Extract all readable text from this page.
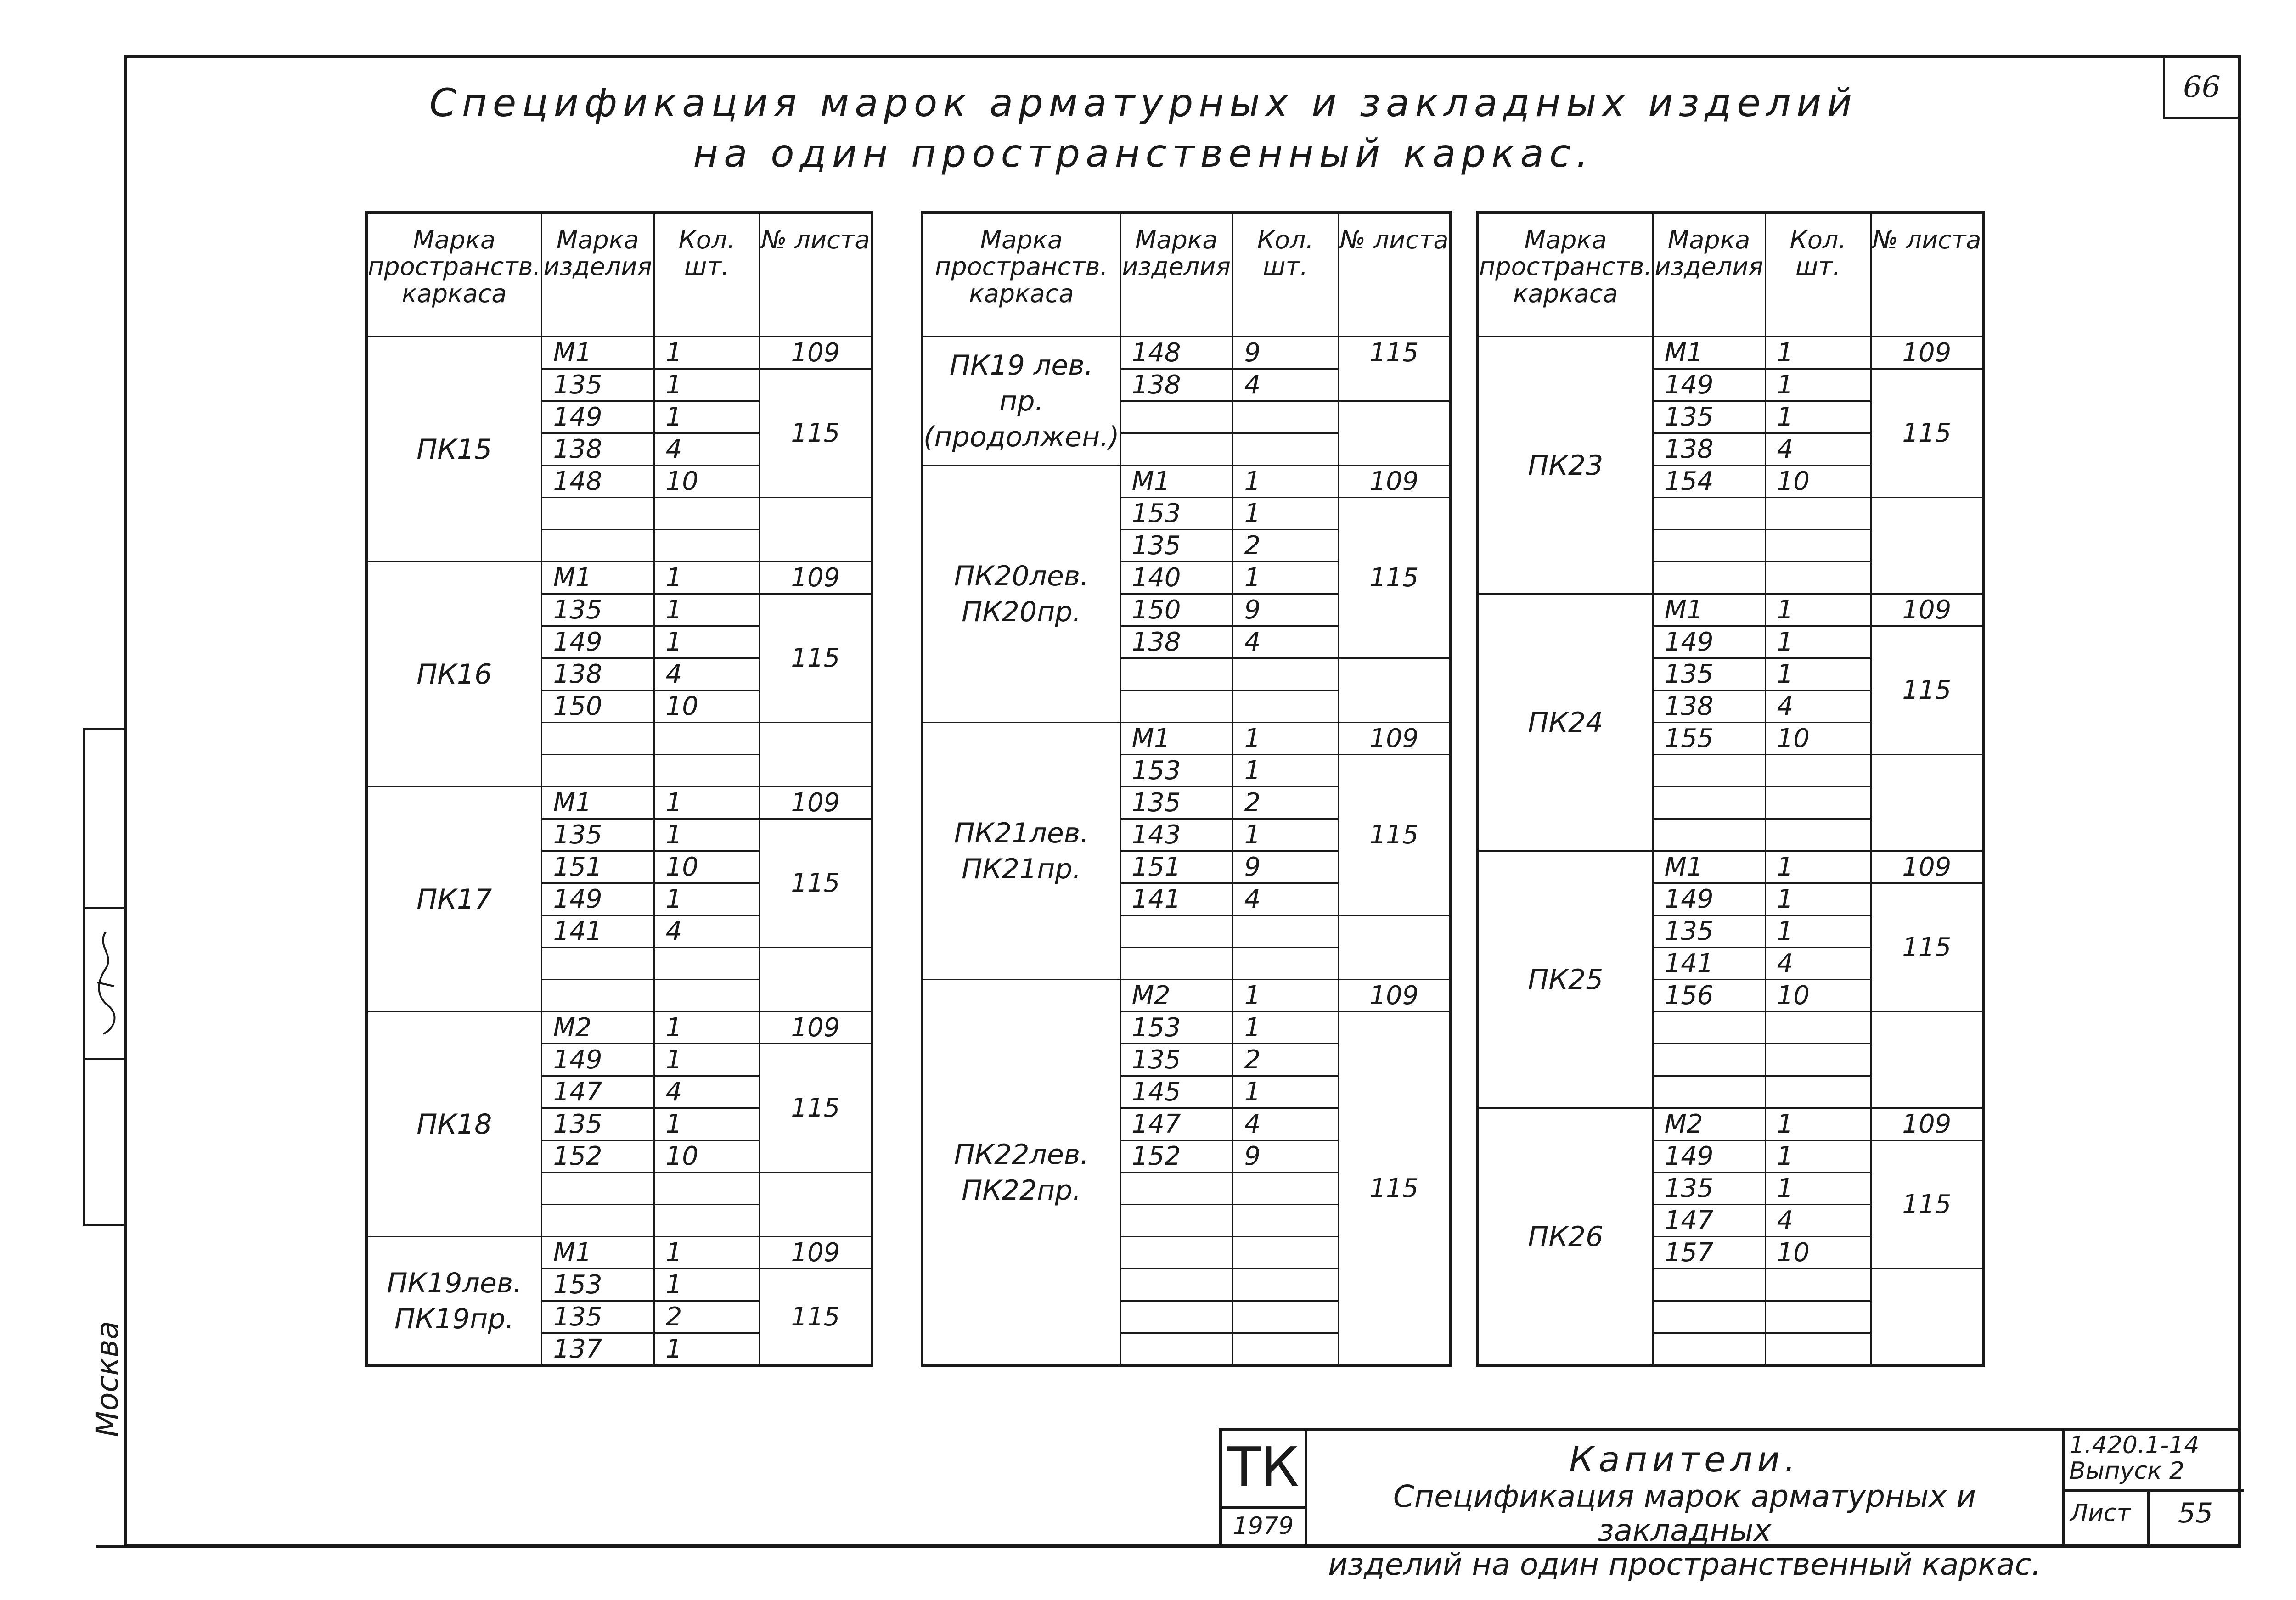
66
Спецификация марок арматурных и закладных изделий
на один пространственный каркас.
Марка пространств. каркаса	Марка изделия	Кол. шт.	№ листа
ПК15	М1	1	109
	135	1	115
	149	1	
	138	4	
	148	10	

ПК16	М1	1	109
	135	1	115
	149	1	
	138	4	
	150	10	

ПК17	М1	1	109
	135	1	115
	151	10	
	149	1	
	141	4	

ПК18	М2	1	109
	149	1	115
	147	4	
	135	1	
	152	10	

ПК19лев.
ПК19пр.	М1	1	109
	153	1	115
	135	2	
	137	1	
Марка пространств. каркаса	Марка изделия	Кол. шт.	№ листа
ПК19 лев. пр.
(продолжен.)	148	9	115
	138	4	

ПК20лев.
ПК20пр.	М1	1	109
	153	1	115
	135	2	
	140	1	
	150	9	
	138	4	

ПК21лев.
ПК21пр.	М1	1	109
	153	1	115
	135	2	
	143	1	
	151	9	
	141	4	

ПК22лев.
ПК22пр.	М2	1	109
	153	1	115
	135	2	
	145	1	
	147	4	
	152	9	

Марка пространств. каркаса	Марка изделия	Кол. шт.	№ листа
ПК23	М1	1	109
	149	1	115
	135	1	
	138	4	
	154	10	

ПК24	М1	1	109
	149	1	115
	135	1	
	138	4	
	155	10	

ПК25	М1	1	109
	149	1	115
	135	1	
	141	4	
	156	10	

ПК26	М2	1	109
	149	1	115
	135	1	
	147	4	
	157	10	

Москва
ТК
1979
Капители.
Спецификация марок арматурных и закладных
изделий на один пространственный каркас.
1.420.1-14
Выпуск 2
Лист	55
